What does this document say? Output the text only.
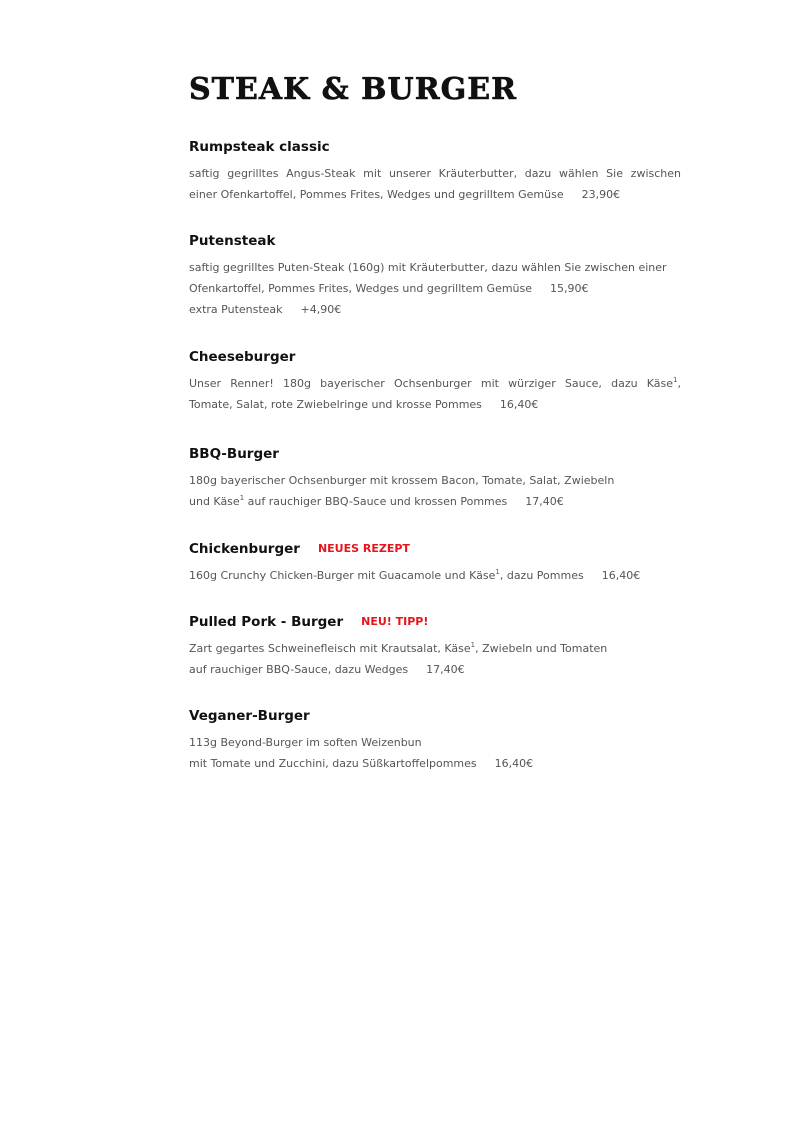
STEAK & BURGER
Rumpsteak classic
saftig gegrilltes Angus-Steak mit unserer Kräuterbutter, dazu wählen Sie zwischen
einer Ofenkartoffel, Pommes Frites, Wedges und gegrilltem Gemüse 23,90€
Putensteak
saftig gegrilltes Puten-Steak (160g) mit Kräuterbutter, dazu wählen Sie zwischen einer
Ofenkartoffel, Pommes Frites, Wedges und gegrilltem Gemüse 15,90€
extra Putensteak +4,90€
Cheeseburger
Unser Renner! 180g bayerischer Ochsenburger mit würziger Sauce, dazu Käse$^1$,
Tomate, Salat, rote Zwiebelringe und krosse Pommes 16,40€
BBQ-Burger
180g bayerischer Ochsenburger mit krossem Bacon, Tomate, Salat, Zwiebeln
und Käse$^1$ auf rauchiger BBQ-Sauce und krossen Pommes 17,40€
Chickenburger NEUES REZEPT
160g Crunchy Chicken-Burger mit Guacamole und Käse$^1$, dazu Pommes 16,40€
Pulled Pork - Burger NEU! TIPP!
Zart gegartes Schweinefleisch mit Krautsalat, Käse$^1$, Zwiebeln und Tomaten
auf rauchiger BBQ-Sauce, dazu Wedges 17,40€
Veganer-Burger
113g Beyond-Burger im soften Weizenbun
mit Tomate und Zucchini, dazu Süßkartoffelpommes 16,40€
